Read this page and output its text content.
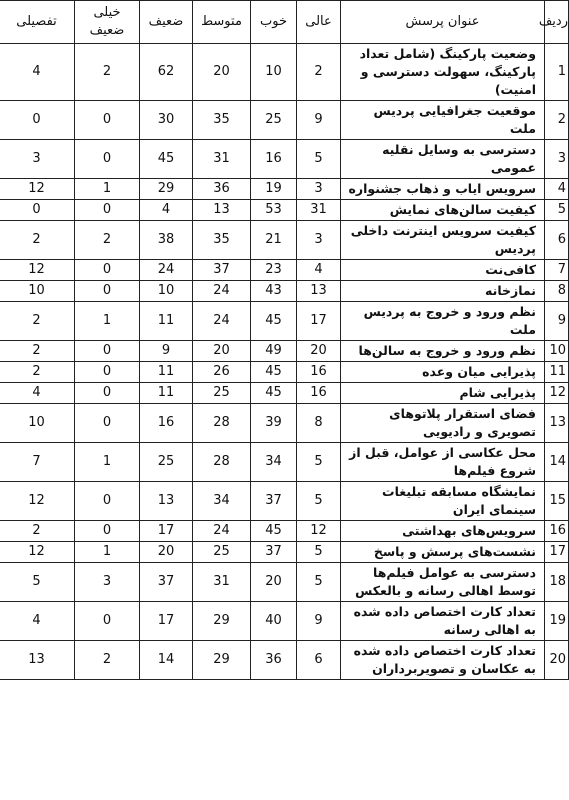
ردیف	عنوان پرسش	عالی	خوب	متوسط	ضعیف	خیلی ضعیف	تفصیلی
1	وضعیت پارکینگ (شامل تعداد پارکینگ، سهولت دسترسی و امنیت)	2	10	20	62	2	4
2	موقعیت جغرافیایی پردیس ملت	9	25	35	30	0	0
3	دسترسی به وسایل نقلیه عمومی	5	16	31	45	0	3
4	سرویس ایاب و ذهاب جشنواره	3	19	36	29	1	12
5	کیفیت سالن‌های نمایش	31	53	13	4	0	0
6	کیفیت سرویس اینترنت داخلی پردیس	3	21	35	38	2	2
7	کافی‌نت	4	23	37	24	0	12
8	نمازخانه	13	43	24	10	0	10
9	نظم ورود و خروج به پردیس ملت	17	45	24	11	1	2
10	نظم ورود و خروج به سالن‌ها	20	49	20	9	0	2
11	پذیرایی میان وعده	16	45	26	11	0	2
12	پذیرایی شام	16	45	25	11	0	4
13	فضای استقرار پلاتوهای تصویری و رادیویی	8	39	28	16	0	10
14	محل عکاسی از عوامل، قبل از شروع فیلم‌ها	5	34	28	25	1	7
15	نمایشگاه مسابقه تبلیغات سینمای ایران	5	37	34	13	0	12
16	سرویس‌های بهداشتی	12	45	24	17	0	2
17	نشست‌های پرسش و پاسخ	5	37	25	20	1	12
18	دسترسی به عوامل فیلم‌ها توسط اهالی رسانه و بالعکس	5	20	31	37	3	5
19	تعداد کارت اختصاص داده شده به اهالی رسانه	9	40	29	17	0	4
20	تعداد کارت اختصاص داده شده به عکاسان و تصویربرداران	6	36	29	14	2	13
